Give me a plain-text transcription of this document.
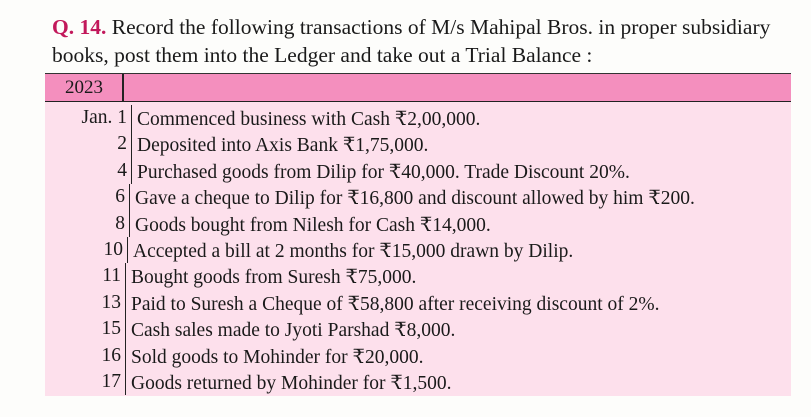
Q. 14. Record the following transactions of M/s Mahipal Bros. in proper subsidiary books, post them into the Ledger and take out a Trial Balance :
2023
Jan. 1 Commenced business with Cash ₹2,00,000.
2 Deposited into Axis Bank ₹1,75,000.
4 Purchased goods from Dilip for ₹40,000. Trade Discount 20%.
6 Gave a cheque to Dilip for ₹16,800 and discount allowed by him ₹200.
8 Goods bought from Nilesh for Cash ₹14,000.
10 Accepted a bill at 2 months for ₹15,000 drawn by Dilip.
11 Bought goods from Suresh ₹75,000.
13 Paid to Suresh a Cheque of ₹58,800 after receiving discount of 2%.
15 Cash sales made to Jyoti Parshad ₹8,000.
16 Sold goods to Mohinder for ₹20,000.
17 Goods returned by Mohinder for ₹1,500.
